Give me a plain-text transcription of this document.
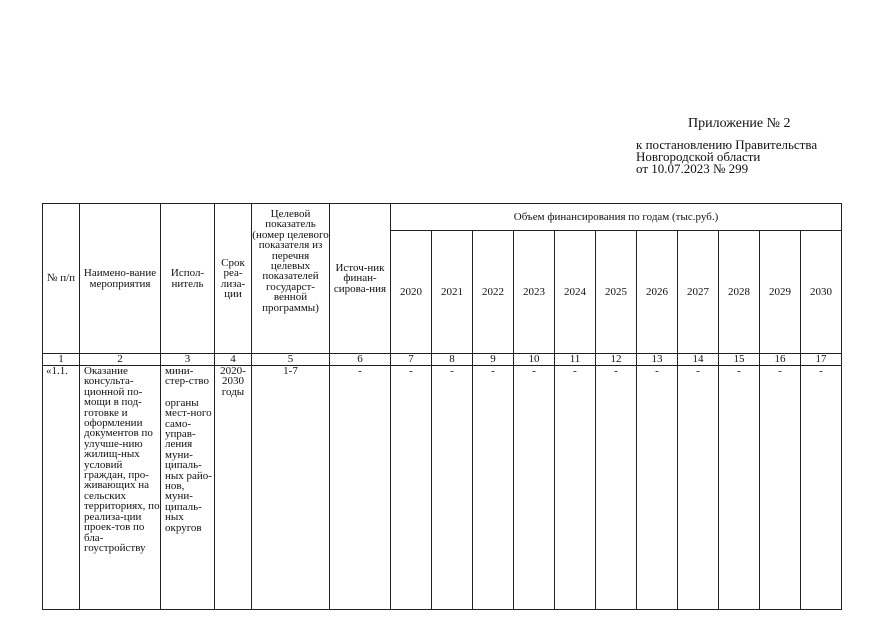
Приложение № 2
к постановлению Правительства
Новгородской области
от 10.07.2023 № 299
№ п/п	Наимено-вание мероприятия	Испол-нитель	Срок реа-лиза-ции	Целевой показатель (номер целевого показателя из перечня целевых показателей государст-венной программы)	Источ-ник финан-сирова-ния	Объем финансирования по годам (тыс.руб.)										
						2020	2021	2022	2023	2024	2025	2026	2027	2028	2029	2030
1	2	3	4	5	6	7	8	9	10	11	12	13	14	15	16	17
«1.1.	Оказание консульта-ционной по-мощи в под-готовке и оформлении документов по улучше-нию жилищ-ных условий граждан, про-живающих на сельских территориях, по реализа-ции проек-тов по бла-гоустройству	мини-стер-ство
органы мест-ного само-управ-ления муни-ципаль-ных райо-нов, муни-ципаль-ных округов	2020-2030 годы	1-7	-	-	-	-	-	-	-	-	-	-	-	-
